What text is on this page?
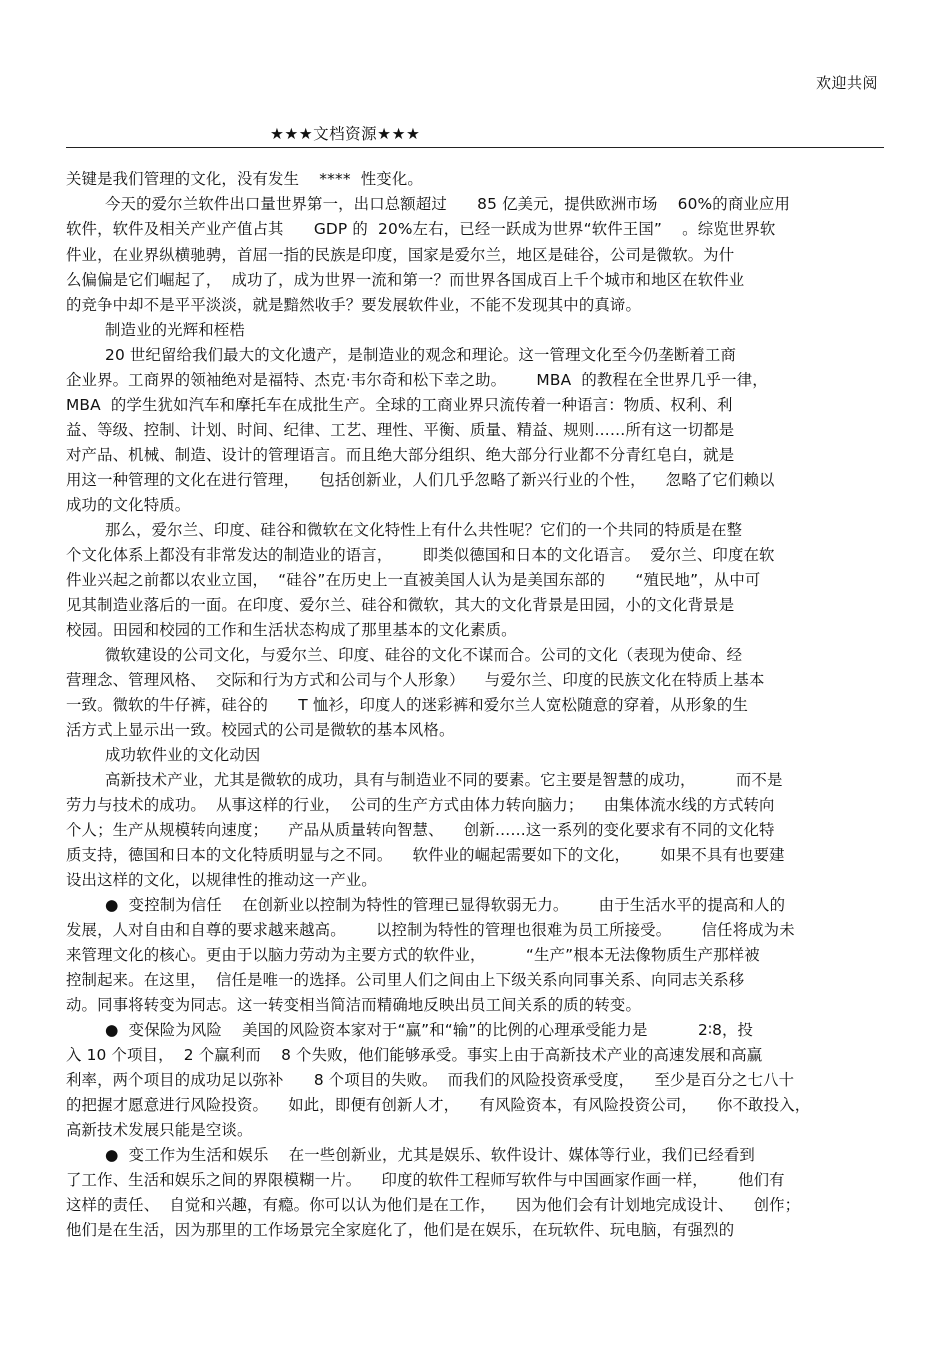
欢迎共阅
★★★文档资源★★★
关键是我们管理的文化，没有发生    ****  性变化。
今天的爱尔兰软件出口量世界第一，出口总额超过      85 亿美元，提供欧洲市场    60%的商业应用
软件，软件及相关产业产值占其      GDP 的  20%左右，已经一跃成为世界“软件王国”    。综览世界软
件业，在业界纵横驰骋，首屈一指的民族是印度，国家是爱尔兰，地区是硅谷，公司是微软。为什
么偏偏是它们崛起了，  成功了，成为世界一流和第一？而世界各国成百上千个城市和地区在软件业
的竞争中却不是平平淡淡，就是黯然收手？要发展软件业，不能不发现其中的真谛。
制造业的光辉和桎梏
20 世纪留给我们最大的文化遗产，是制造业的观念和理论。这一管理文化至今仍垄断着工商
企业界。工商界的领袖绝对是福特、杰克·韦尔奇和松下幸之助。      MBA  的教程在全世界几乎一律，
MBA  的学生犹如汽车和摩托车在成批生产。全球的工商业界只流传着一种语言：物质、权利、利
益、等级、控制、计划、时间、纪律、工艺、理性、平衡、质量、精益、规则……所有这一切都是
对产品、机械、制造、设计的管理语言。而且绝大部分组织、绝大部分行业都不分青红皂白，就是
用这一种管理的文化在进行管理，    包括创新业，人们几乎忽略了新兴行业的个性，    忽略了它们赖以
成功的文化特质。
那么，爱尔兰、印度、硅谷和微软在文化特性上有什么共性呢？它们的一个共同的特质是在整
个文化体系上都没有非常发达的制造业的语言，      即类似德国和日本的文化语言。  爱尔兰、印度在软
件业兴起之前都以农业立国，  “硅谷”在历史上一直被美国人认为是美国东部的      “殖民地”，从中可
见其制造业落后的一面。在印度、爱尔兰、硅谷和微软，其大的文化背景是田园，小的文化背景是
校园。田园和校园的工作和生活状态构成了那里基本的文化素质。
微软建设的公司文化，与爱尔兰、印度、硅谷的文化不谋而合。公司的文化（表现为使命、经
营理念、管理风格、  交际和行为方式和公司与个人形象）    与爱尔兰、印度的民族文化在特质上基本
一致。微软的牛仔裤，硅谷的      T 恤衫，印度人的迷彩裤和爱尔兰人宽松随意的穿着，从形象的生
活方式上显示出一致。校园式的公司是微软的基本风格。
成功软件业的文化动因
高新技术产业，尤其是微软的成功，具有与制造业不同的要素。它主要是智慧的成功，        而不是
劳力与技术的成功。  从事这样的行业，  公司的生产方式由体力转向脑力；    由集体流水线的方式转向
个人；生产从规模转向速度；    产品从质量转向智慧、    创新……这一系列的变化要求有不同的文化特
质支持，德国和日本的文化特质明显与之不同。    软件业的崛起需要如下的文化，      如果不具有也要建
设出这样的文化，以规律性的推动这一产业。
●  变控制为信任    在创新业以控制为特性的管理已显得软弱无力。      由于生活水平的提高和人的
发展，人对自由和自尊的要求越来越高。      以控制为特性的管理也很难为员工所接受。      信任将成为未
来管理文化的核心。更由于以脑力劳动为主要方式的软件业，        “生产”根本无法像物质生产那样被
控制起来。在这里，  信任是唯一的选择。公司里人们之间由上下级关系向同事关系、向同志关系移
动。同事将转变为同志。这一转变相当简洁而精确地反映出员工间关系的质的转变。
●  变保险为风险    美国的风险资本家对于“赢”和“输”的比例的心理承受能力是          2∶8，投
入 10 个项目，  2 个赢利而    8 个失败，他们能够承受。事实上由于高新技术产业的高速发展和高赢
利率，两个项目的成功足以弥补      8 个项目的失败。  而我们的风险投资承受度，    至少是百分之七八十
的把握才愿意进行风险投资。    如此，即便有创新人才，    有风险资本，有风险投资公司，    你不敢投入，
高新技术发展只能是空谈。
●  变工作为生活和娱乐    在一些创新业，尤其是娱乐、软件设计、媒体等行业，我们已经看到
了工作、生活和娱乐之间的界限模糊一片。    印度的软件工程师写软件与中国画家作画一样，      他们有
这样的责任、  自觉和兴趣，有瘾。你可以认为他们是在工作，    因为他们会有计划地完成设计、    创作；
他们是在生活，因为那里的工作场景完全家庭化了，他们是在娱乐，在玩软件、玩电脑，有强烈的
